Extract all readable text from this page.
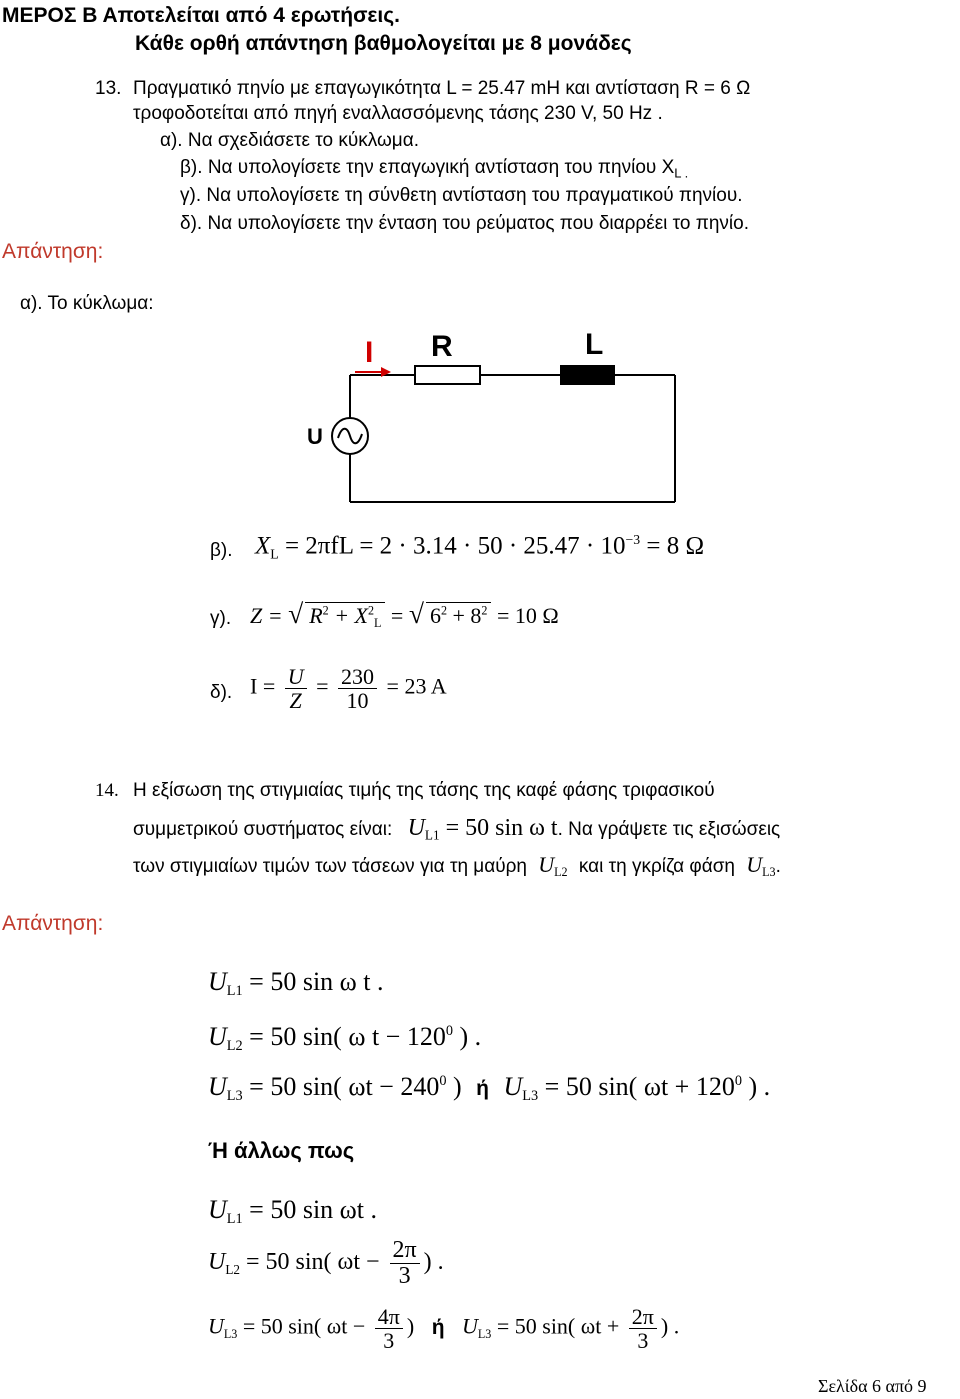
ΜΕΡΟΣ Β Αποτελείται από 4 ερωτήσεις.
Κάθε ορθή απάντηση βαθμολογείται με 8 μονάδες
13. Πραγματικό πηνίο με επαγωγικότητα L = 25.47 mH και αντίσταση R = 6 Ω
τροφοδοτείται από πηγή εναλλασσόμενης τάσης 230 V, 50 Hz .
α). Να σχεδιάσετε το κύκλωμα.
β). Να υπολογίσετε την επαγωγική αντίσταση του πηνίου $X_{L .}$
γ). Να υπολογίσετε τη σύνθετη αντίσταση του πραγματικού πηνίου.
δ). Να υπολογίσετε την ένταση του ρεύματος που διαρρέει το πηνίο.
Απάντηση:
α). Το κύκλωμα:
I R	L
U
β). $X_L = 2\pi fL = 2 \cdot 3.14 \cdot 50 \cdot 25.47 \cdot 10^{-3} = 8$ Ω
γ). Z = √ $R^2 + X^2_L$ = √ $6^2 + 8^2 = 10$ Ω
δ). $I = \frac{U}{Z} = \frac{230}{10} = 23$ A
14. Η εξίσωση της στιγμιαίας τιμής της τάσης της καφέ φάσης τριφασικού
συμμετρικού συστήματος είναι: $U_{L1} = 50$ sin ω t. Να γράψετε τις εξισώσεις
των στιγμιαίων τιμών των τάσεων για τη μαύρη $U_{L2}$ και τη γκρίζα φάση $U_{L3}$.
Απάντηση:
$U_{L1} = 50$ sin ω t .
$U_{L2} = 50$ sin( ω $t - 120^0$ ) .
$U_{L3} = 50$ sin( $\omega t - 240^0$ ) ή $U_{L3} = 50$ sin( $\omega t + 120^0$ ) .
Ή άλλως πως
$U_{L1} = 50$ sin ωt .
$U_{L2} = 50$ sin( $\omega t - \frac{2\pi}{3}$ ) .
$U_{L3} = 50$ sin( $\omega t - \frac{4\pi}{3}$ ) ή $U_{L3} = 50$ sin( $\omega t + \frac{2\pi}{3}$ ) .
Σελίδα 6 από 9
